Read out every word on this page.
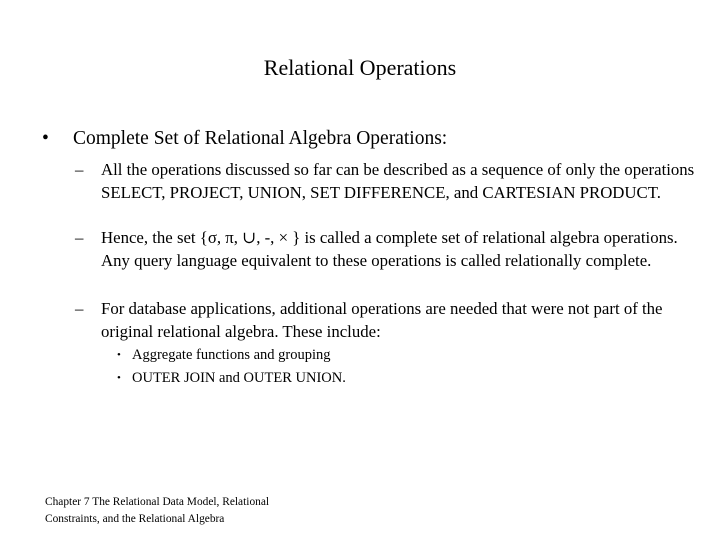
Relational Operations
• Complete Set of Relational Algebra Operations:
– All the operations discussed so far can be described as a sequence of only the operations SELECT, PROJECT, UNION, SET DIFFERENCE, and CARTESIAN PRODUCT.
– Hence, the set {σ, π, ∪, -, × } is called a complete set of relational algebra operations. Any query language equivalent to these operations is called relationally complete.
– For database applications, additional operations are needed that were not part of the original relational algebra. These include:
• Aggregate functions and grouping
• OUTER JOIN and OUTER UNION.
Chapter 7 The Relational Data Model, Relational Constraints, and the Relational Algebra
